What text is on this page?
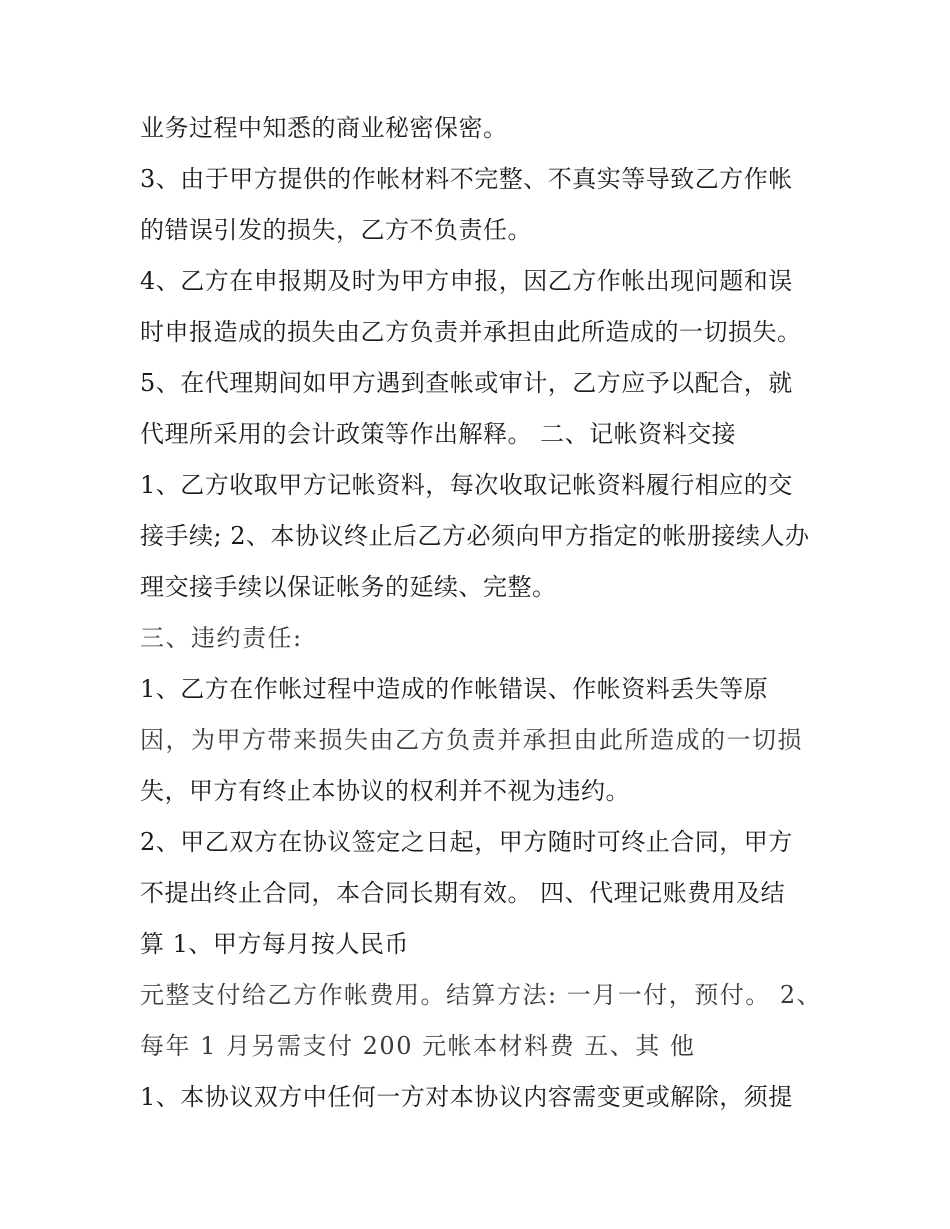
业务过程中知悉的商业秘密保密。
3、由于甲方提供的作帐材料不完整、不真实等导致乙方作帐
的错误引发的损失，乙方不负责任。
4、乙方在申报期及时为甲方申报，因乙方作帐出现问题和误
时申报造成的损失由乙方负责并承担由此所造成的一切损失。
5、在代理期间如甲方遇到查帐或审计，乙方应予以配合，就
代理所采用的会计政策等作出解释。 二、记帐资料交接
1、乙方收取甲方记帐资料，每次收取记帐资料履行相应的交
接手续; 2、本协议终止后乙方必须向甲方指定的帐册接续人办
理交接手续以保证帐务的延续、完整。
三、违约责任:
1、乙方在作帐过程中造成的作帐错误、作帐资料丢失等原
因，为甲方带来损失由乙方负责并承担由此所造成的一切损
失，甲方有终止本协议的权利并不视为违约。
2、甲乙双方在协议签定之日起，甲方随时可终止合同，甲方
不提出终止合同，本合同长期有效。 四、代理记账费用及结
算 1、甲方每月按人民币
元整支付给乙方作帐费用。结算方法: 一月一付，预付。 2、
每年 1 月另需支付 200 元帐本材料费 五、其 他
1、本协议双方中任何一方对本协议内容需变更或解除，须提
